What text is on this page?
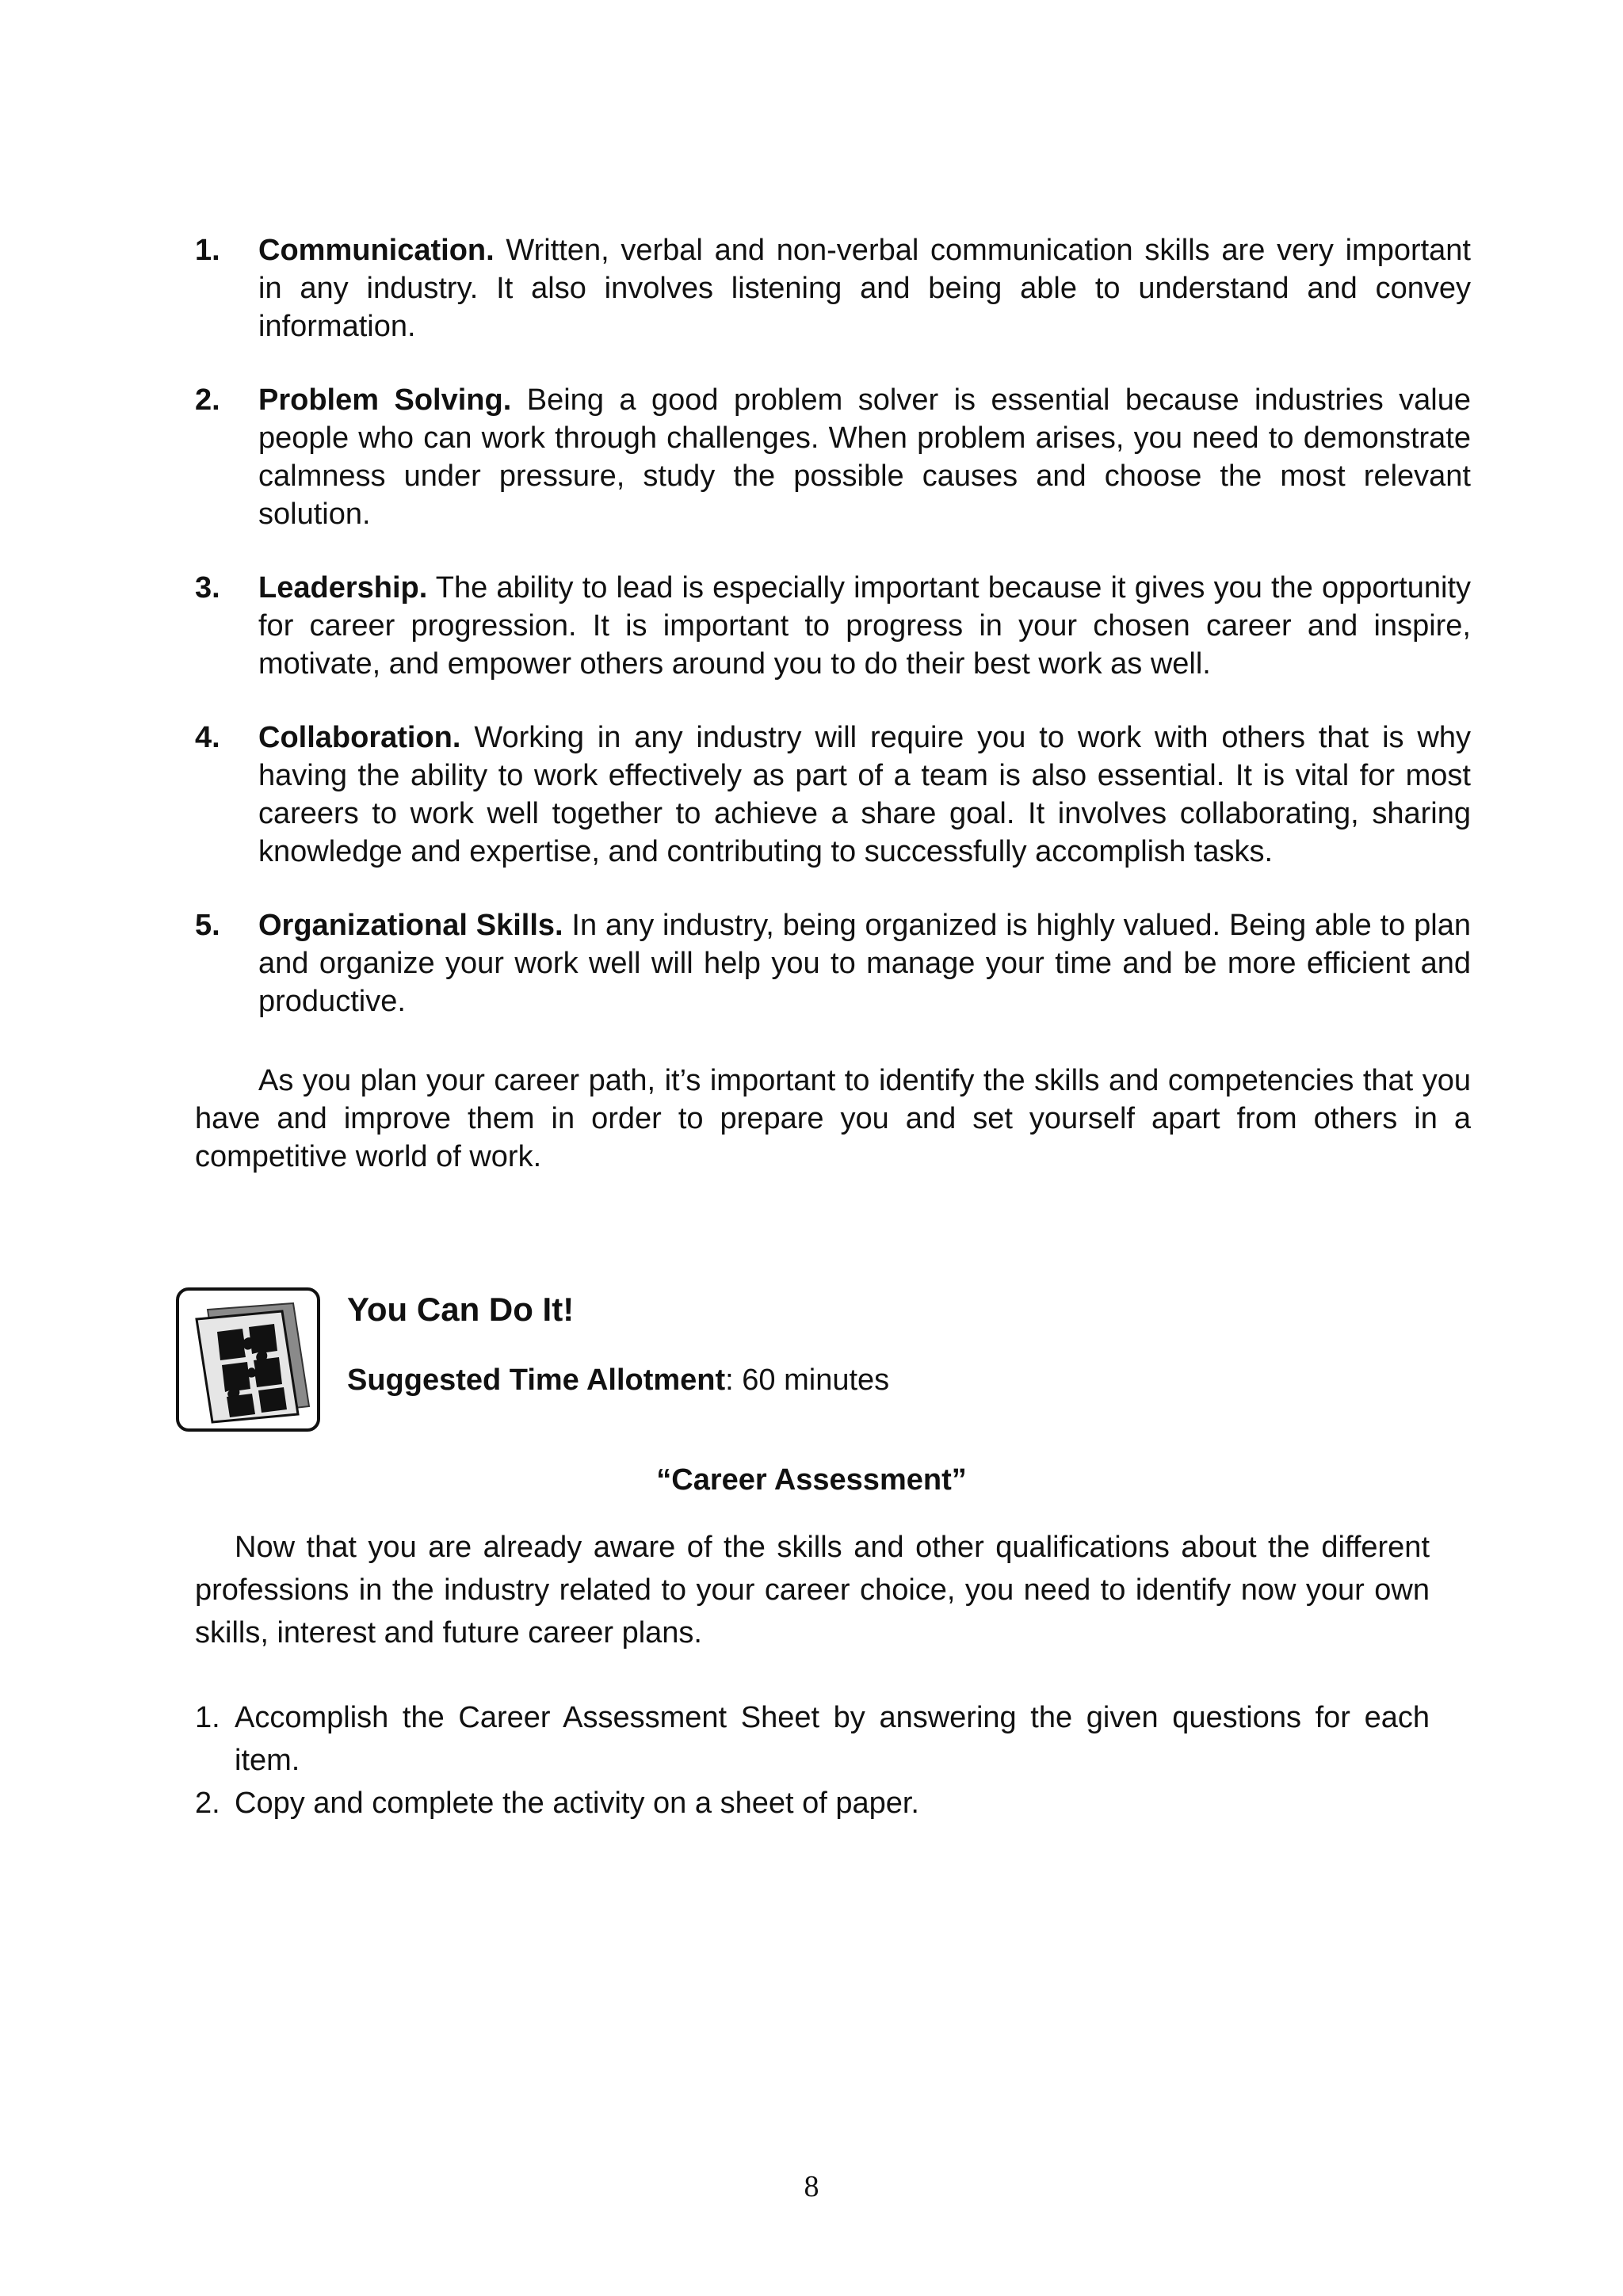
1. Communication. Written, verbal and non-verbal communication skills are very important in any industry. It also involves listening and being able to understand and convey information.
2. Problem Solving. Being a good problem solver is essential because industries value people who can work through challenges. When problem arises, you need to demonstrate calmness under pressure, study the possible causes and choose the most relevant solution.
3. Leadership. The ability to lead is especially important because it gives you the opportunity for career progression. It is important to progress in your chosen career and inspire, motivate, and empower others around you to do their best work as well.
4. Collaboration. Working in any industry will require you to work with others that is why having the ability to work effectively as part of a team is also essential. It is vital for most careers to work well together to achieve a share goal. It involves collaborating, sharing knowledge and expertise, and contributing to successfully accomplish tasks.
5. Organizational Skills. In any industry, being organized is highly valued. Being able to plan and organize your work well will help you to manage your time and be more efficient and productive.

As you plan your career path, it’s important to identify the skills and competencies that you have and improve them in order to prepare you and set yourself apart from others in a competitive world of work.

You Can Do It!

Suggested Time Allotment: 60 minutes

“Career Assessment”

Now that you are already aware of the skills and other qualifications about the different professions in the industry related to your career choice, you need to identify now your own skills, interest and future career plans.

1. Accomplish the Career Assessment Sheet by answering the given questions for each item.
2. Copy and complete the activity on a sheet of paper.

8
